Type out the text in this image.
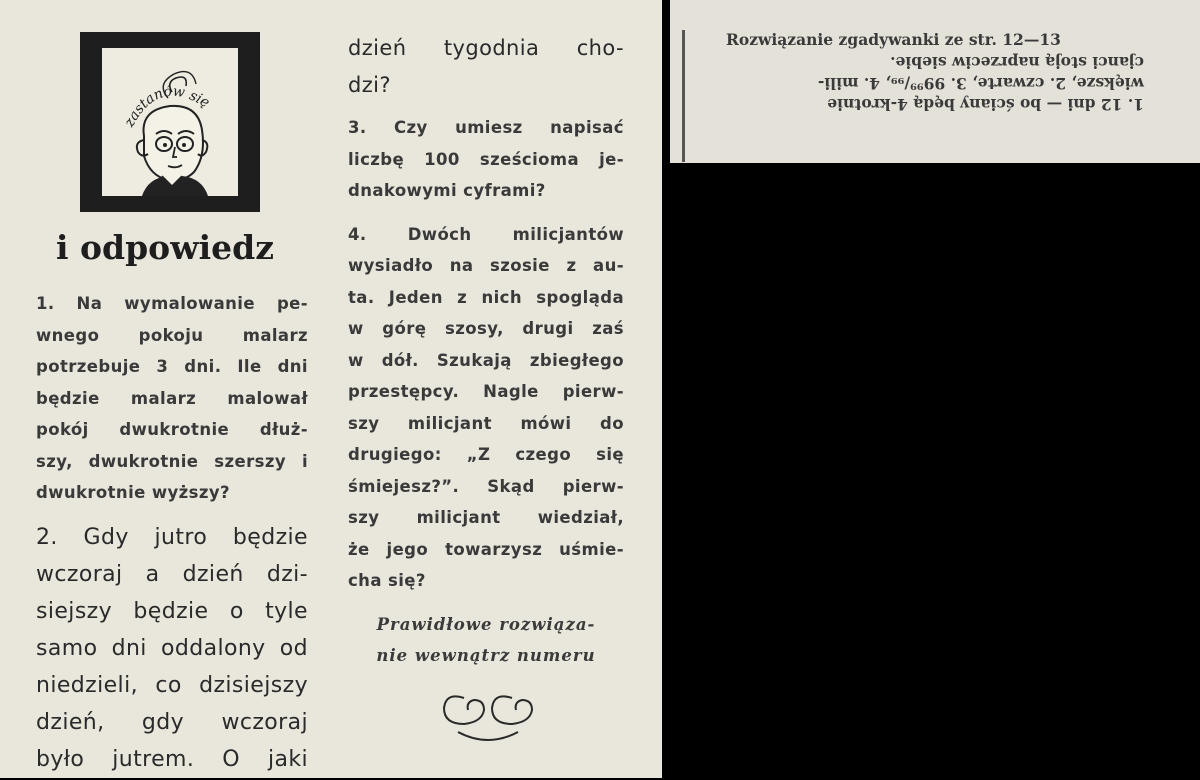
zastanów się
i odpowiedz
1. Na wymalowanie pe-
wnego pokoju malarz
potrzebuje 3 dni. Ile dni
będzie malarz malował
pokój dwukrotnie dłuż-
szy, dwukrotnie szerszy i
dwukrotnie wyższy?
2. Gdy jutro będzie
wczoraj a dzień dzi-
siejszy będzie o tyle
samo dni oddalony od
niedzieli, co dzisiejszy
dzień, gdy wczoraj
było jutrem. O jaki
dzień tygodnia cho-
dzi?
3. Czy umiesz napisać
liczbę 100 sześcioma je-
dnakowymi cyframi?
4. Dwóch milicjantów
wysiadło na szosie z au-
ta. Jeden z nich spogląda
w górę szosy, drugi zaś
w dół. Szukają zbiegłego
przestępcy. Nagle pierw-
szy milicjant mówi do
drugiego: „Z czego się
śmiejesz?”. Skąd pierw-
szy milicjant wiedział,
że jego towarzysz uśmie-
cha się?

Prawidłowe rozwiąza-

nie wewnątrz numeru

Rozwiązanie zgadywanki ze str. 12—13

1. 12 dni — bo ściany będą 4-krotnie
większe, 2. czwarte, 3. 99⁹⁹/₉₉, 4. mili-
cjanci stoją naprzeciw siebie.
